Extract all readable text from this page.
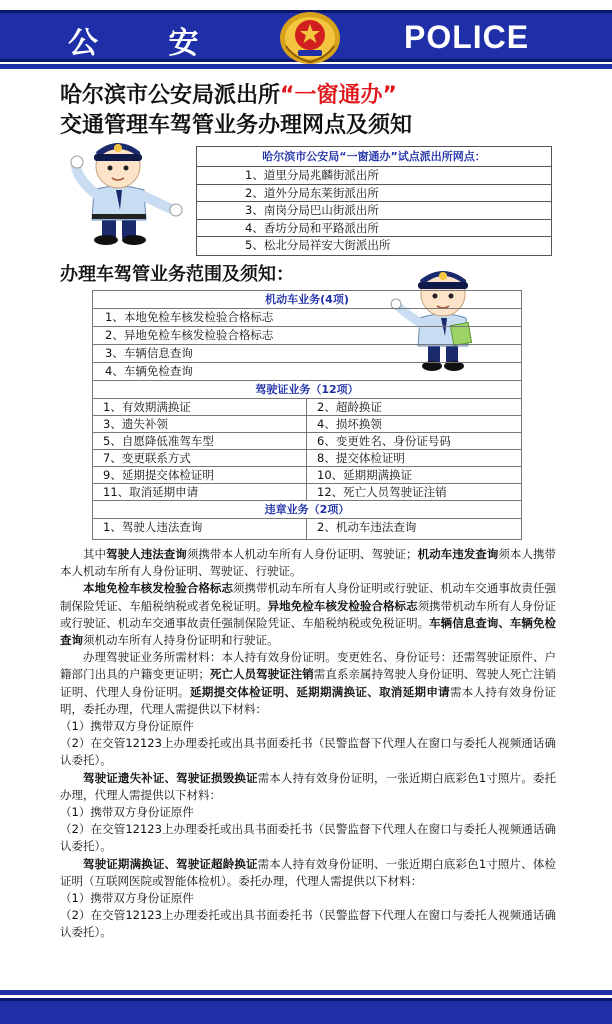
公 安	POLICE
哈尔滨市公安局派出所“一窗通办”
交通管理车驾管业务办理网点及须知
哈尔滨市公安局“一窗通办”试点派出所网点：
1、道里分局兆麟街派出所
2、道外分局东莱街派出所
3、南岗分局巴山街派出所
4、香坊分局和平路派出所
5、松北分局祥安大街派出所
办理车驾管业务范围及须知：
机动车业务(4项)
1、本地免检车核发检验合格标志
2、异地免检车核发检验合格标志
3、车辆信息查询
4、车辆免检查询
驾驶证业务（12项）
1、有效期满换证	2、超龄换证
3、遗失补领	4、损坏换领
5、自愿降低准驾车型	6、变更姓名、身份证号码
7、变更联系方式	8、提交体检证明
9、延期提交体检证明	10、延期期满换证
11、取消延期申请	12、死亡人员驾驶证注销
违章业务（2项）
1、驾驶人违法查询	2、机动车违法查询

其中驾驶人违法查询须携带本人机动车所有人身份证明、驾驶证；机动车违发查询须本人携带本人机动车所有人身份证明、驾驶证、行驶证。

本地免检车核发检验合格标志须携带机动车所有人身份证明或行驶证、机动车交通事故责任强制保险凭证、车船税纳税或者免税证明。异地免检车核发检验合格标志须携带机动车所有人身份证或行驶证、机动车交通事故责任强制保险凭证、车船税纳税或免税证明。车辆信息查询、车辆免检查询须机动车所有人持身份证明和行驶证。

办理驾驶证业务所需材料：本人持有效身份证明。变更姓名、身份证号：还需驾驶证原件、户籍部门出具的户籍变更证明；死亡人员驾驶证注销需直系亲属持驾驶人身份证明、驾驶人死亡注销证明、代理人身份证明。延期提交体检证明、延期期满换证、取消延期申请需本人持有效身份证明，委托办理，代理人需提供以下材料：

（1）携带双方身份证原件

（2）在交管12123上办理委托或出具书面委托书（民警监督下代理人在窗口与委托人视频通话确认委托）。

驾驶证遗失补证、驾驶证损毁换证需本人持有效身份证明，一张近期白底彩色1寸照片。委托办理，代理人需提供以下材料：

（1）携带双方身份证原件

（2）在交管12123上办理委托或出具书面委托书（民警监督下代理人在窗口与委托人视频通话确认委托）。

驾驶证期满换证、驾驶证超龄换证需本人持有效身份证明、一张近期白底彩色1寸照片、体检证明（互联网医院或智能体检机）。委托办理，代理人需提供以下材料：

（1）携带双方身份证原件

（2）在交管12123上办理委托或出具书面委托书（民警监督下代理人在窗口与委托人视频通话确认委托）。
